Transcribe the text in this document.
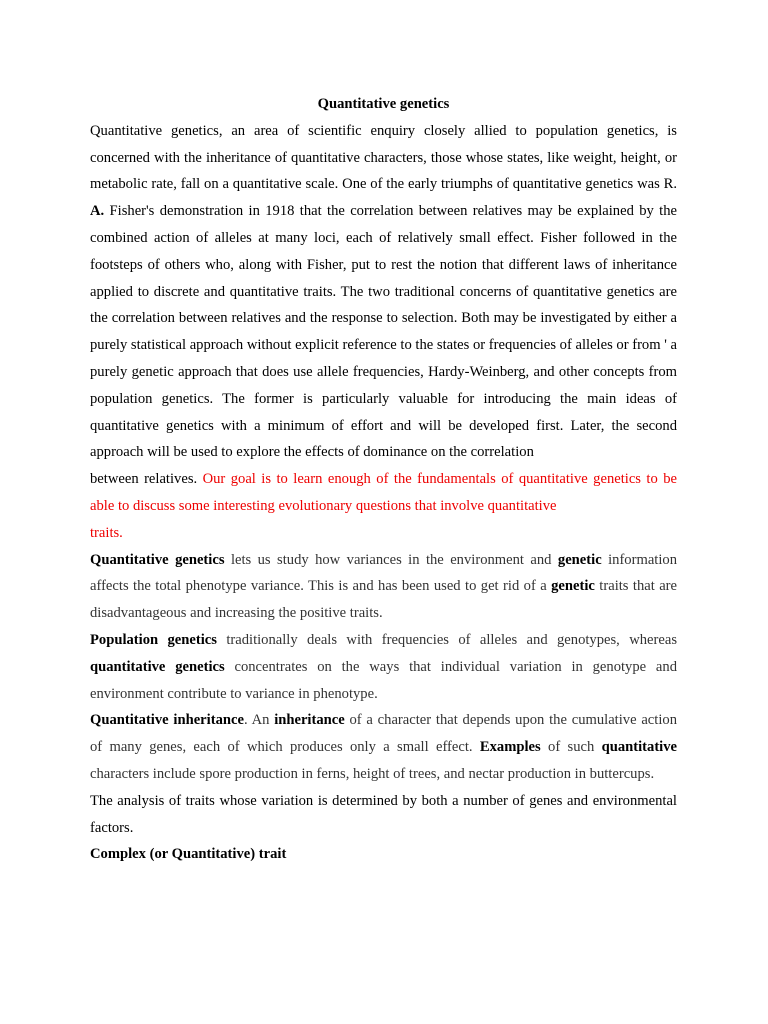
Quantitative genetics

Quantitative genetics, an area of scientific enquiry closely allied to population genetics, is concerned with the inheritance of quantitative characters, those whose states, like weight, height, or metabolic rate, fall on a quantitative scale. One of the early triumphs of quantitative genetics was R. A. Fisher's demonstration in 1918 that the correlation between relatives may be explained by the combined action of alleles at many loci, each of relatively small effect. Fisher followed in the footsteps of others who, along with Fisher, put to rest the notion that different laws of inheritance applied to discrete and quantitative traits. The two traditional concerns of quantitative genetics are the correlation between relatives and the response to selection. Both may be investigated by either a purely statistical approach without explicit reference to the states or frequencies of alleles or from ' a purely genetic approach that does use allele frequencies, Hardy-Weinberg, and other concepts from population genetics. The former is particularly valuable for introducing the main ideas of quantitative genetics with a minimum of effort and will be developed first. Later, the second approach will be used to explore the effects of dominance on the correlation

between relatives. Our goal is to learn enough of the fundamentals of quantitative genetics to be able to discuss some interesting evolutionary questions that involve quantitative

traits.

Quantitative genetics lets us study how variances in the environment and genetic information affects the total phenotype variance. This is and has been used to get rid of a genetic traits that are disadvantageous and increasing the positive traits.

Population genetics traditionally deals with frequencies of alleles and genotypes, whereas quantitative genetics concentrates on the ways that individual variation in genotype and environment contribute to variance in phenotype.

Quantitative inheritance. An inheritance of a character that depends upon the cumulative action of many genes, each of which produces only a small effect. Examples of such quantitative characters include spore production in ferns, height of trees, and nectar production in buttercups.

The analysis of traits whose variation is determined by both a number of genes and environmental factors.

Complex (or Quantitative) trait
